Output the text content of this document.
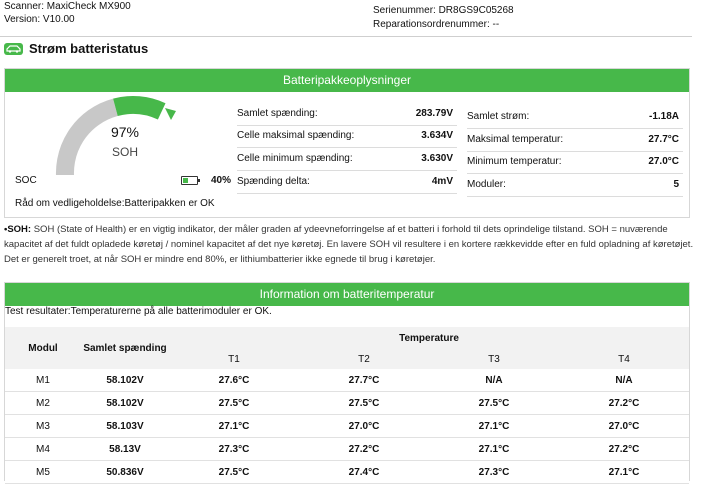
Scanner: MaxiCheck MX900
Version: V10.00
Serienummer: DR8GS9C05268
Reparationsordrenummer: --
Strøm batteristatus
Batteripakkeoplysninger
97%
SOH
SOC	40%
Råd om vedligeholdelse:Batteripakken er OK
Samlet spænding:	283.79V
Celle maksimal spænding:	3.634V
Celle minimum spænding:	3.630V
Spænding delta:	4mV
Samlet strøm:	-1.18A
Maksimal temperatur:	27.7°C
Minimum temperatur:	27.0°C
Moduler:	5
•SOH: SOH (State of Health) er en vigtig indikator, der måler graden af ydeevneforringelse af et batteri i forhold til dets oprindelige tilstand. SOH = nuværende kapacitet af det fuldt opladede køretøj / nominel kapacitet af det nye køretøj. En lavere SOH vil resultere i en kortere rækkevidde efter en fuld opladning af køretøjet. Det er generelt troet, at når SOH er mindre end 80%, er lithiumbatterier ikke egnede til brug i køretøjer.
Information om batteritemperatur
Test resultater:Temperaturerne på alle batterimoduler er OK.
Modul	Samlet spænding	Temperature			
		T1	T2	T3	T4
M1	58.102V	27.6°C	27.7°C	N/A	N/A
M2	58.102V	27.5°C	27.5°C	27.5°C	27.2°C
M3	58.103V	27.1°C	27.0°C	27.1°C	27.0°C
M4	58.13V	27.3°C	27.2°C	27.1°C	27.2°C
M5	50.836V	27.5°C	27.4°C	27.3°C	27.1°C
